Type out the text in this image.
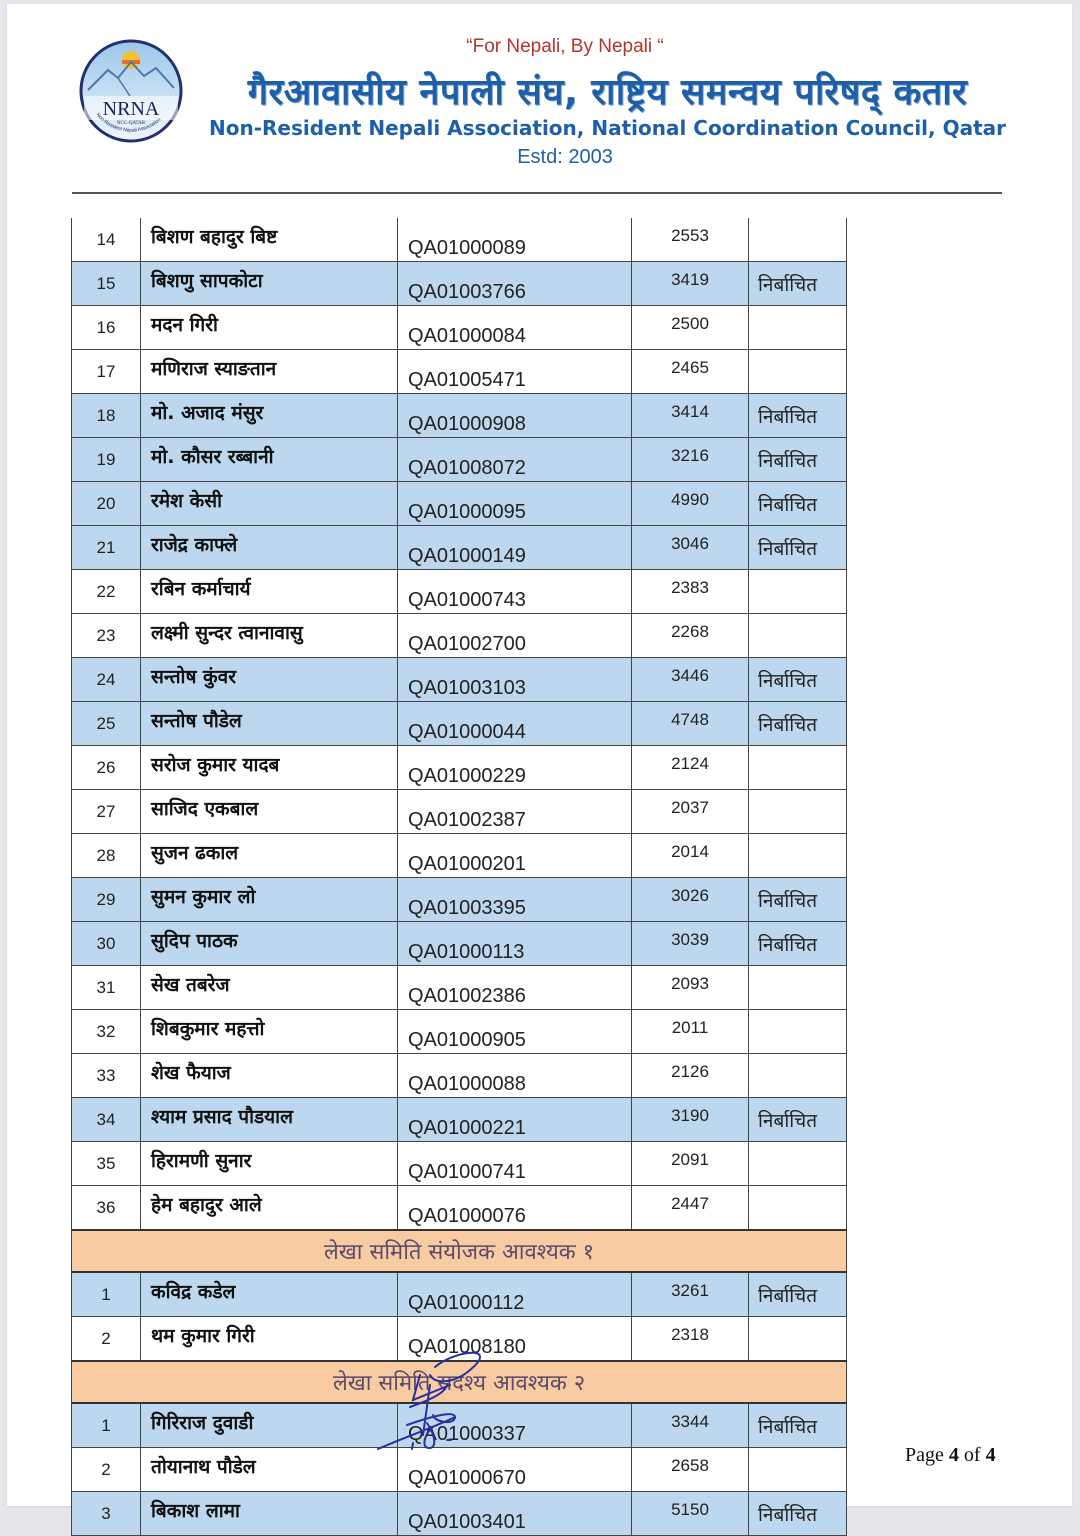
NRNA
NCC-QATAR
Non-Resident Nepali Association
“For Nepali, By Nepali “
गैरआवासीय नेपाली संघ, राष्ट्रिय समन्वय परिषद् कतार
Non-Resident Nepali Association, National Coordination Council, Qatar
Estd: 2003
14	बिशण बहादुर बिष्ट	QA01000089	2553	
15	बिशणु सापकोटा	QA01003766	3419	निर्बाचित
16	मदन गिरी	QA01000084	2500	
17	मणिराज स्याङतान	QA01005471	2465	
18	मो. अजाद मंसुर	QA01000908	3414	निर्बाचित
19	मो. कौसर रब्बानी	QA01008072	3216	निर्बाचित
20	रमेश केसी	QA01000095	4990	निर्बाचित
21	राजेद्र काफ्ले	QA01000149	3046	निर्बाचित
22	रबिन कर्माचार्य	QA01000743	2383	
23	लक्ष्मी सुन्दर त्वानावासु	QA01002700	2268	
24	सन्तोष कुंवर	QA01003103	3446	निर्बाचित
25	सन्तोष पौडेल	QA01000044	4748	निर्बाचित
26	सरोज कुमार यादब	QA01000229	2124	
27	साजिद एकबाल	QA01002387	2037	
28	सुजन ढकाल	QA01000201	2014	
29	सुमन कुमार लो	QA01003395	3026	निर्बाचित
30	सुदिप पाठक	QA01000113	3039	निर्बाचित
31	सेख तबरेज	QA01002386	2093	
32	शिबकुमार महत्तो	QA01000905	2011	
33	शेख फैयाज	QA01000088	2126	
34	श्याम प्रसाद पौडयाल	QA01000221	3190	निर्बाचित
35	हिरामणी सुनार	QA01000741	2091	
36	हेम बहादुर आले	QA01000076	2447	
लेखा समिति संयोजक आवश्यक १				
1	कविद्र कडेल	QA01000112	3261	निर्बाचित
2	थम कुमार गिरी	QA01008180	2318	
लेखा समिति सदश्य आवश्यक २				
1	गिरिराज दुवाडी	QA01000337	3344	निर्बाचित
2	तोयानाथ पौडेल	QA01000670	2658	
3	बिकाश लामा	QA01003401	5150	निर्बाचित
Page 4 of 4
